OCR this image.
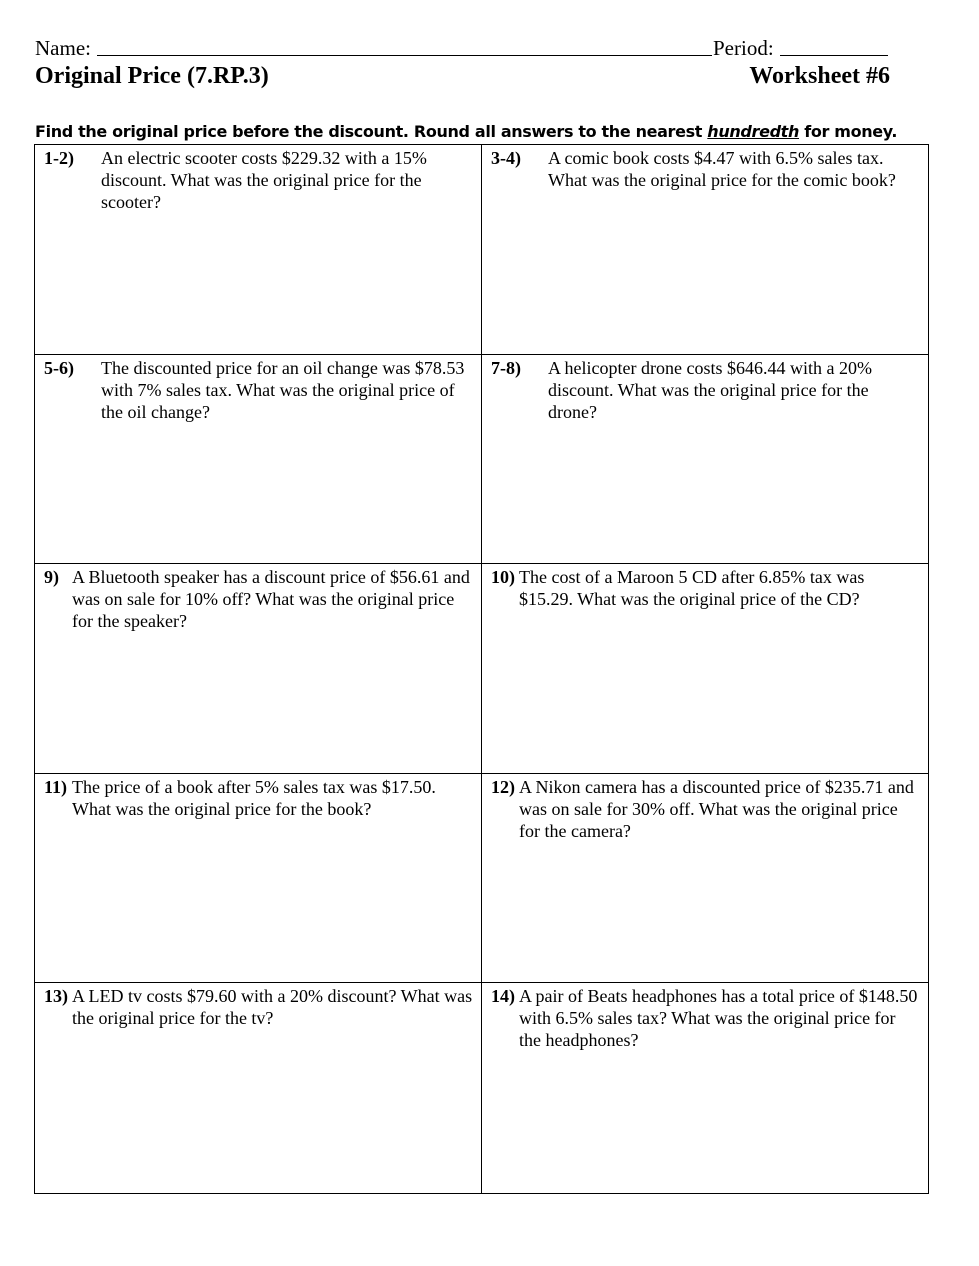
Name:	Period:
Original Price (7.RP.3)	Worksheet #6
Find the original price before the discount. Round all answers to the nearest hundredth for money.
1-2) An electric scooter costs $229.32 with a 15% discount. What was the original price for the scooter?
3-4) A comic book costs $4.47 with 6.5% sales tax. What was the original price for the comic book?
5-6) The discounted price for an oil change was $78.53 with 7% sales tax. What was the original price of the oil change?
7-8) A helicopter drone costs $646.44 with a 20% discount. What was the original price for the drone?
9) A Bluetooth speaker has a discount price of $56.61 and was on sale for 10% off? What was the original price for the speaker?
10) The cost of a Maroon 5 CD after 6.85% tax was $15.29. What was the original price of the CD?
11) The price of a book after 5% sales tax was $17.50. What was the original price for the book?
12) A Nikon camera has a discounted price of $235.71 and was on sale for 30% off. What was the original price for the camera?
13) A LED tv costs $79.60 with a 20% discount? What was the original price for the tv?
14) A pair of Beats headphones has a total price of $148.50 with 6.5% sales tax? What was the original price for the headphones?
